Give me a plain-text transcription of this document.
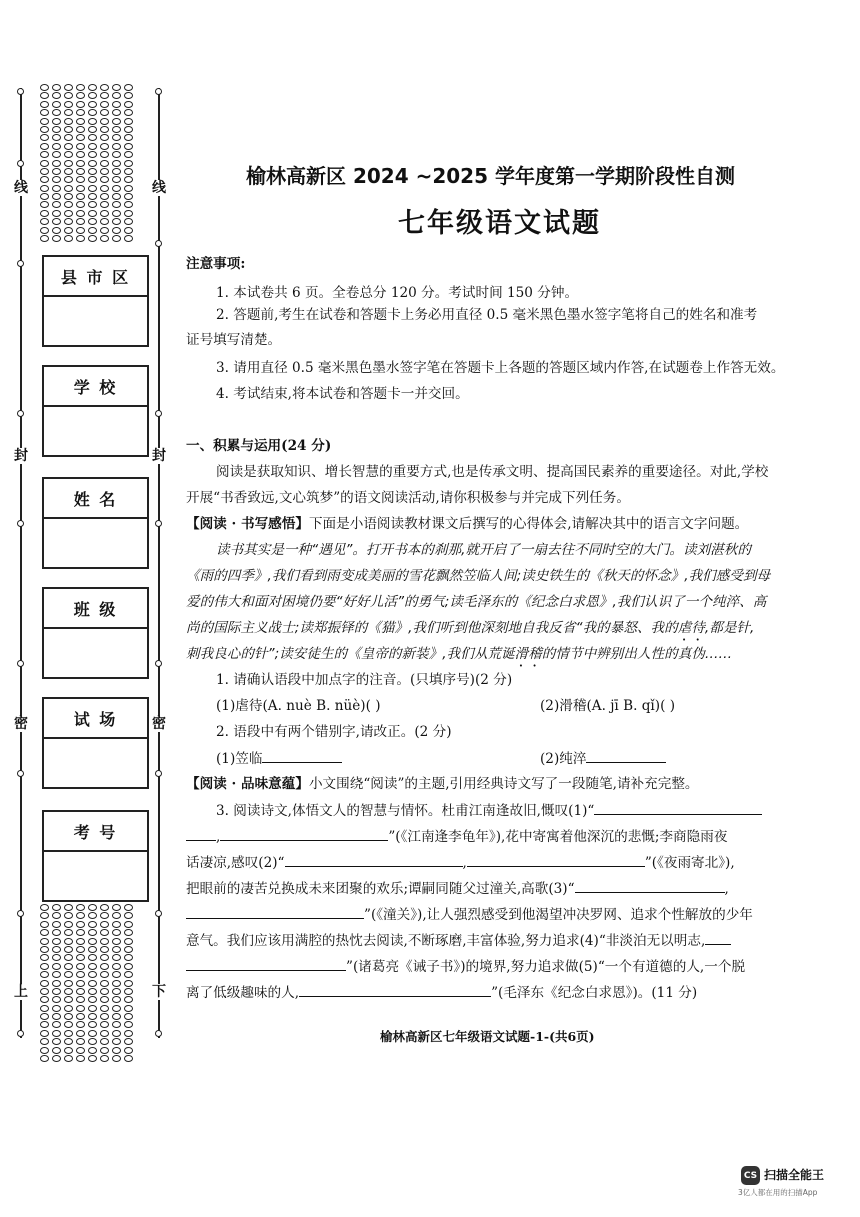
线	线
封	封
密	密
上	下
县 市 区
学 校
姓 名
班 级
试 场
考 号
榆林高新区 2024 ~2025 学年度第一学期阶段性自测
七年级语文试题
注意事项:
1. 本试卷共 6 页。全卷总分 120 分。考试时间 150 分钟。
2. 答题前,考生在试卷和答题卡上务必用直径 0.5 毫米黑色墨水签字笔将自己的姓名和准考
证号填写清楚。
3. 请用直径 0.5 毫米黑色墨水签字笔在答题卡上各题的答题区域内作答,在试题卷上作答无效。
4. 考试结束,将本试卷和答题卡一并交回。
一、积累与运用(24 分)
阅读是获取知识、增长智慧的重要方式,也是传承文明、提高国民素养的重要途径。对此,学校
开展“书香致远,文心筑梦”的语文阅读活动,请你积极参与并完成下列任务。
【阅读 · 书写感悟】下面是小语阅读教材课文后撰写的心得体会,请解决其中的语言文字问题。
读书其实是一种“遇见”。打开书本的刹那,就开启了一扇去往不同时空的大门。读刘湛秋的
《雨的四季》,我们看到雨变成美丽的雪花飘然笠临人间;读史铁生的《秋天的怀念》,我们感受到母
爱的伟大和面对困境仍要“好好儿活”的勇气;读毛泽东的《纪念白求恩》,我们认识了一个纯淬、高
尚的国际主义战士;读郑振铎的《猫》,我们听到他深刻地自我反省“我的暴怒、我的虐待,都是针,
刺我良心的针”;读安徒生的《皇帝的新装》,我们从荒诞滑稽的情节中辨别出人性的真伪……
1. 请确认语段中加点字的注音。(只填序号)(2 分)
(1)虐待(A. nuè B. nüè)( )	(2)滑稽(A. jī B. qǐ)( )
2. 语段中有两个错别字,请改正。(2 分)
(1)笠临	(2)纯淬
【阅读 · 品味意蕴】小文围绕“阅读”的主题,引用经典诗文写了一段随笔,请补充完整。
3. 阅读诗文,体悟文人的智慧与情怀。杜甫江南逢故旧,慨叹(1)“
,	”(《江南逢李龟年》),花中寄寓着他深沉的悲慨;李商隐雨夜
话凄凉,感叹(2)“	,	”(《夜雨寄北》),
把眼前的凄苦兑换成未来团聚的欢乐;谭嗣同随父过潼关,高歌(3)“	,
”(《潼关》),让人强烈感受到他渴望冲决罗网、追求个性解放的少年
意气。我们应该用满腔的热忱去阅读,不断琢磨,丰富体验,努力追求(4)“非淡泊无以明志,
”(诸葛亮《诫子书》)的境界,努力追求做(5)“一个有道德的人,一个脱
离了低级趣味的人,	”(毛泽东《纪念白求恩》)。(11 分)
榆林高新区七年级语文试题-1-(共6页)
CS 扫描全能王
3亿人都在用的扫描App
